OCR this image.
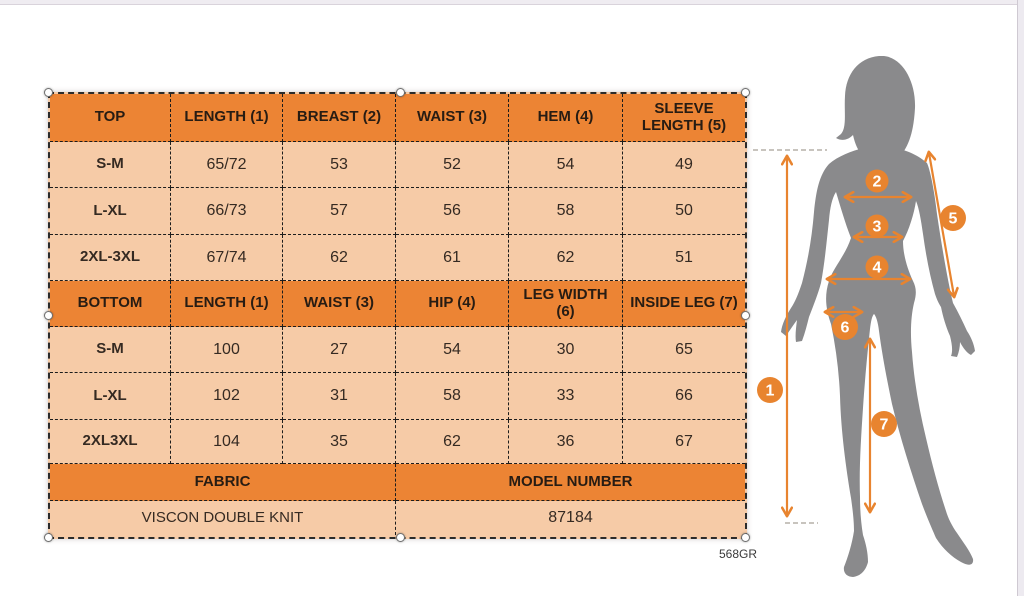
TOP	LENGTH (1)	BREAST (2)	WAIST (3)	HEM (4)	SLEEVE LENGTH (5)
S-M	65/72	53	52	54	49
L-XL	66/73	57	56	58	50
2XL-3XL	67/74	62	61	62	51
BOTTOM	LENGTH (1)	WAIST (3)	HIP (4)	LEG WIDTH (6)	INSIDE LEG (7)
S-M	100	27	54	30	65
L-XL	102	31	58	33	66
2XL3XL	104	35	62	36	67
FABRIC	MODEL NUMBER
VISCON DOUBLE KNIT	87184
568GR
1
2
3
4
5
6
7
